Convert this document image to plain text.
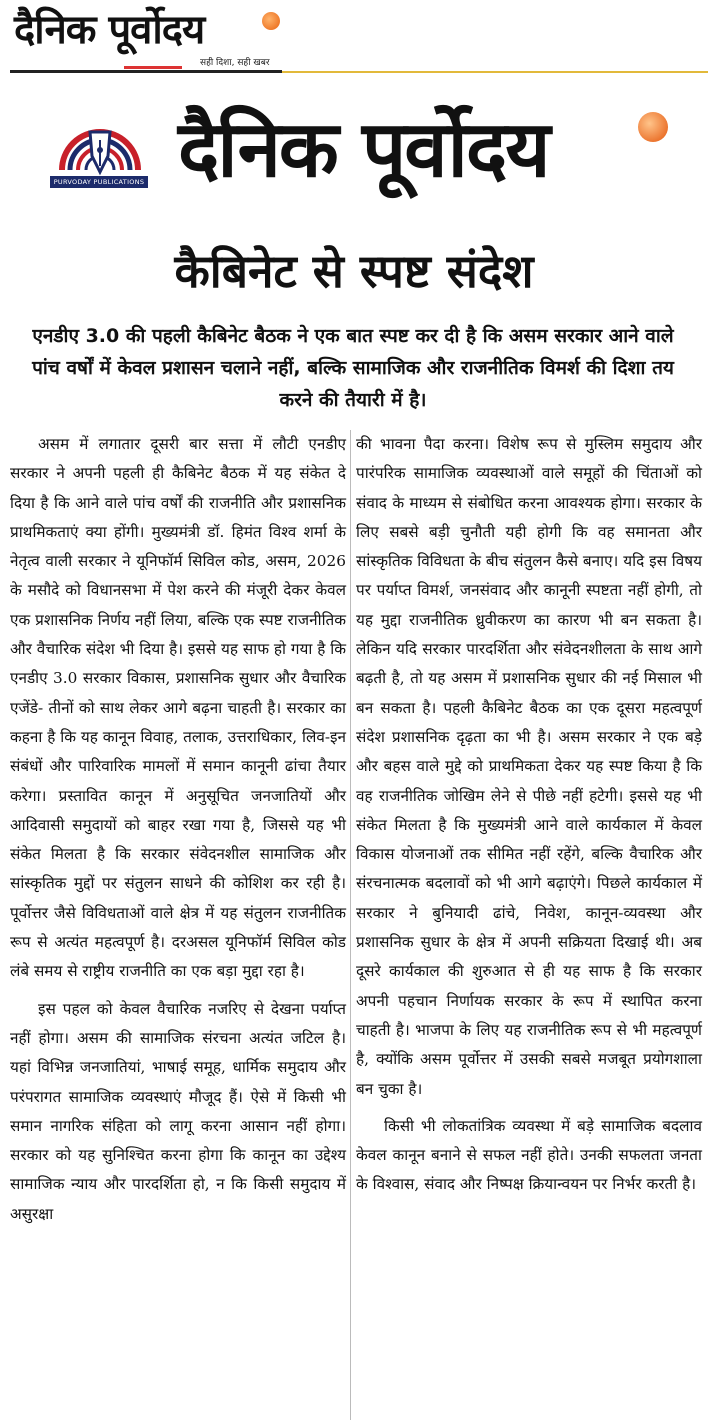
दैनिक पूर्वोदय
सही दिशा, सही खबर
PURVODAY PUBLICATIONS दैनिक पूर्वोदय
कैबिनेट से स्पष्ट संदेश
एनडीए 3.0 की पहली कैबिनेट बैठक ने एक बात स्पष्ट कर दी है कि असम सरकार आने वाले पांच वर्षों में केवल प्रशासन चलाने नहीं, बल्कि सामाजिक और राजनीतिक विमर्श की दिशा तय करने की तैयारी में है।

असम में लगातार दूसरी बार सत्ता में लौटी एनडीए सरकार ने अपनी पहली ही कैबिनेट बैठक में यह संकेत दे दिया है कि आने वाले पांच वर्षों की राजनीति और प्रशासनिक प्राथमिकताएं क्या होंगी। मुख्यमंत्री डॉ. हिमंत विश्व शर्मा के नेतृत्व वाली सरकार ने यूनिफॉर्म सिविल कोड, असम, 2026 के मसौदे को विधानसभा में पेश करने की मंजूरी देकर केवल एक प्रशासनिक निर्णय नहीं लिया, बल्कि एक स्पष्ट राजनीतिक और वैचारिक संदेश भी दिया है। इससे यह साफ हो गया है कि एनडीए 3.0 सरकार विकास, प्रशासनिक सुधार और वैचारिक एजेंडे- तीनों को साथ लेकर आगे बढ़ना चाहती है। सरकार का कहना है कि यह कानून विवाह, तलाक, उत्तराधिकार, लिव-इन संबंधों और पारिवारिक मामलों में समान कानूनी ढांचा तैयार करेगा। प्रस्तावित कानून में अनुसूचित जनजातियों और आदिवासी समुदायों को बाहर रखा गया है, जिससे यह भी संकेत मिलता है कि सरकार संवेदनशील सामाजिक और सांस्कृतिक मुद्दों पर संतुलन साधने की कोशिश कर रही है। पूर्वोत्तर जैसे विविधताओं वाले क्षेत्र में यह संतुलन राजनीतिक रूप से अत्यंत महत्वपूर्ण है। दरअसल यूनिफॉर्म सिविल कोड लंबे समय से राष्ट्रीय राजनीति का एक बड़ा मुद्दा रहा है।

इस पहल को केवल वैचारिक नजरिए से देखना पर्याप्त नहीं होगा। असम की सामाजिक संरचना अत्यंत जटिल है। यहां विभिन्न जनजातियां, भाषाई समूह, धार्मिक समुदाय और परंपरागत सामाजिक व्यवस्थाएं मौजूद हैं। ऐसे में किसी भी समान नागरिक संहिता को लागू करना आसान नहीं होगा। सरकार को यह सुनिश्चित करना होगा कि कानून का उद्देश्य सामाजिक न्याय और पारदर्शिता हो, न कि किसी समुदाय में असुरक्षा

की भावना पैदा करना। विशेष रूप से मुस्लिम समुदाय और पारंपरिक सामाजिक व्यवस्थाओं वाले समूहों की चिंताओं को संवाद के माध्यम से संबोधित करना आवश्यक होगा। सरकार के लिए सबसे बड़ी चुनौती यही होगी कि वह समानता और सांस्कृतिक विविधता के बीच संतुलन कैसे बनाए। यदि इस विषय पर पर्याप्त विमर्श, जनसंवाद और कानूनी स्पष्टता नहीं होगी, तो यह मुद्दा राजनीतिक ध्रुवीकरण का कारण भी बन सकता है। लेकिन यदि सरकार पारदर्शिता और संवेदनशीलता के साथ आगे बढ़ती है, तो यह असम में प्रशासनिक सुधार की नई मिसाल भी बन सकता है। पहली कैबिनेट बैठक का एक दूसरा महत्वपूर्ण संदेश प्रशासनिक दृढ़ता का भी है। असम सरकार ने एक बड़े और बहस वाले मुद्दे को प्राथमिकता देकर यह स्पष्ट किया है कि वह राजनीतिक जोखिम लेने से पीछे नहीं हटेगी। इससे यह भी संकेत मिलता है कि मुख्यमंत्री आने वाले कार्यकाल में केवल विकास योजनाओं तक सीमित नहीं रहेंगे, बल्कि वैचारिक और संरचनात्मक बदलावों को भी आगे बढ़ाएंगे। पिछले कार्यकाल में सरकार ने बुनियादी ढांचे, निवेश, कानून-व्यवस्था और प्रशासनिक सुधार के क्षेत्र में अपनी सक्रियता दिखाई थी। अब दूसरे कार्यकाल की शुरुआत से ही यह साफ है कि सरकार अपनी पहचान निर्णायक सरकार के रूप में स्थापित करना चाहती है। भाजपा के लिए यह राजनीतिक रूप से भी महत्वपूर्ण है, क्योंकि असम पूर्वोत्तर में उसकी सबसे मजबूत प्रयोगशाला बन चुका है।

किसी भी लोकतांत्रिक व्यवस्था में बड़े सामाजिक बदलाव केवल कानून बनाने से सफल नहीं होते। उनकी सफलता जनता के विश्वास, संवाद और निष्पक्ष क्रियान्वयन पर निर्भर करती है।
